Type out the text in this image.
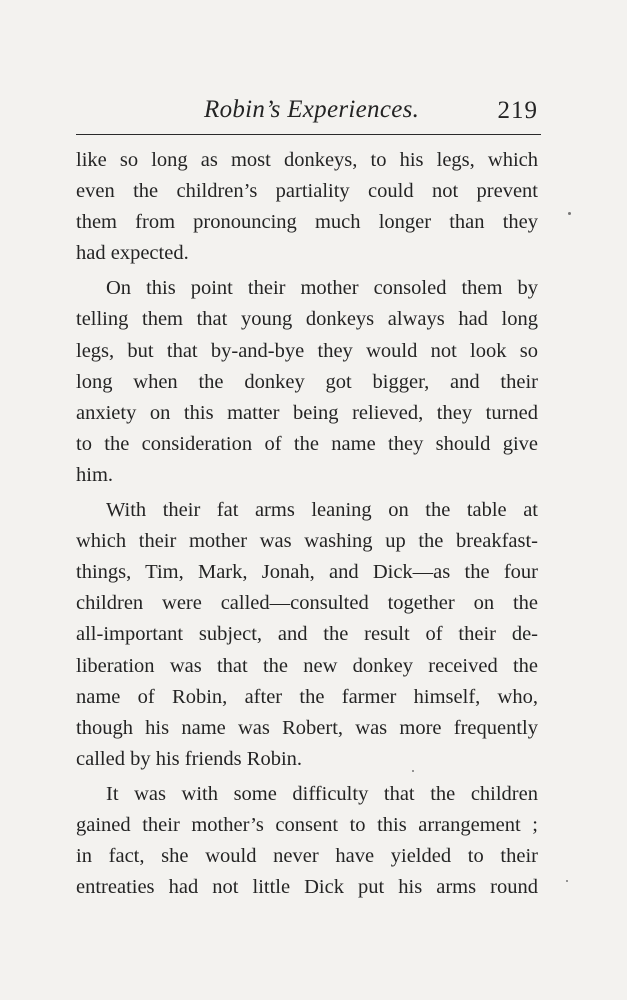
Robin’s Experiences.	219
like so long as most donkeys, to his legs, which
even the children’s partiality could not prevent
them from pronouncing much longer than they
had expected.
On this point their mother consoled them by
telling them that young donkeys always had long
legs, but that by-and-bye they would not look so
long when the donkey got bigger, and their
anxiety on this matter being relieved, they turned
to the consideration of the name they should give
him.
With their fat arms leaning on the table at
which their mother was washing up the breakfast-
things, Tim, Mark, Jonah, and Dick—as the four
children were called—consulted together on the
all-important subject, and the result of their de-
liberation was that the new donkey received the
name of Robin, after the farmer himself, who,
though his name was Robert, was more frequently
called by his friends Robin.
It was with some difficulty that the children
gained their mother’s consent to this arrangement ;
in fact, she would never have yielded to their
entreaties had not little Dick put his arms round
